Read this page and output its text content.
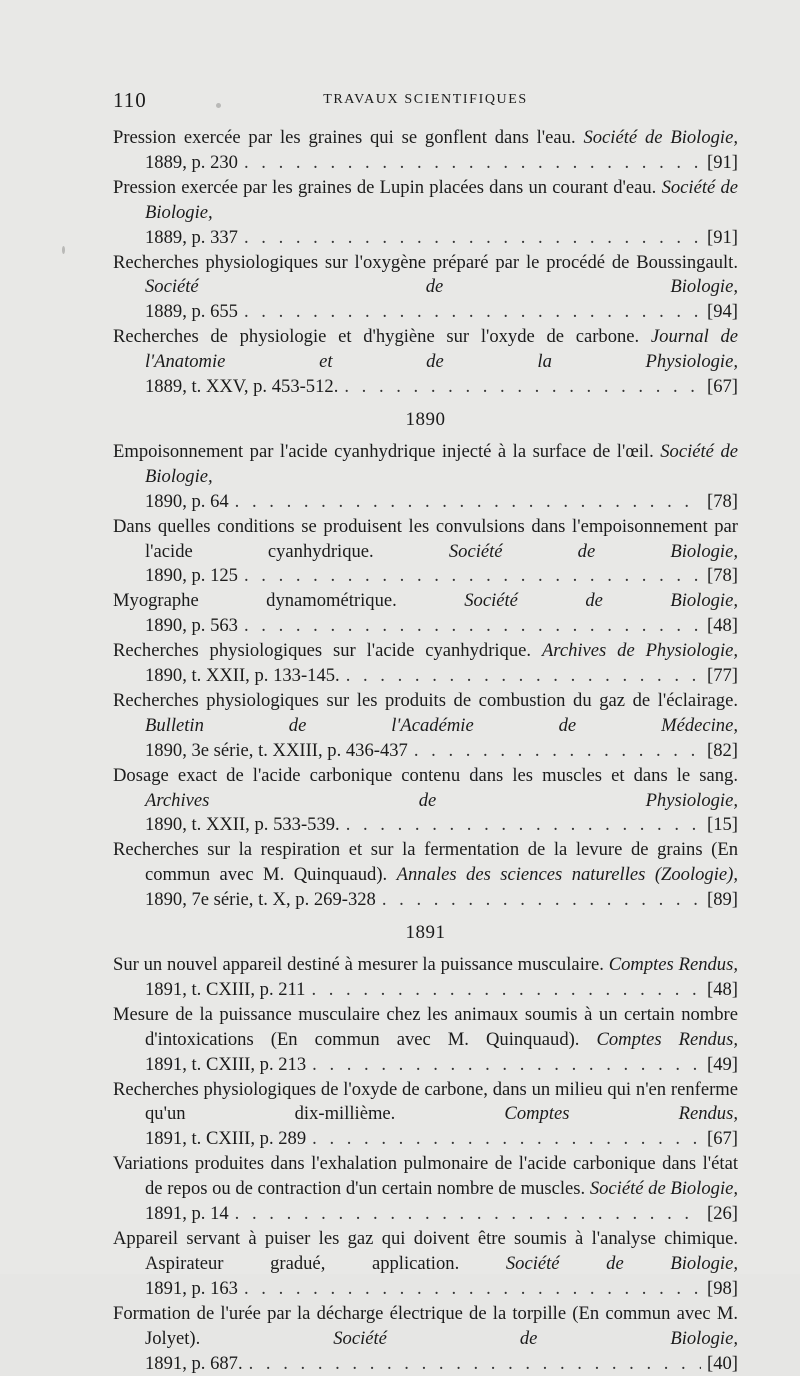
110	TRAVAUX SCIENTIFIQUES

Pression exercée par les graines qui se gonflent dans l'eau. Société de Biologie,
1889, p. 230 . . .	[91]

Pression exercée par les graines de Lupin placées dans un courant d'eau. Société de Biologie,
1889, p. 337 . . .	[91]

Recherches physiologiques sur l'oxygène préparé par le procédé de Boussingault. Société de Biologie,
1889, p. 655 . . .	[94]

Recherches de physiologie et d'hygiène sur l'oxyde de carbone. Journal de l'Anatomie et de la Physiologie,
1889, t. XXV, p. 453-512. . . .	[67]

1890

Empoisonnement par l'acide cyanhydrique injecté à la surface de l'œil. Société de Biologie,
1890, p. 64 . . .	[78]

Dans quelles conditions se produisent les convulsions dans l'empoisonnement par l'acide cyanhydrique.	Société de Biologie,
1890, p. 125 . . .	[78]

Myographe dynamométrique.	Société de Biologie,
1890, p. 563 . . .	[48]

Recherches physiologiques sur l'acide cyanhydrique. Archives de Physiologie,
1890, t. XXII, p. 133-145. . . .	[77]

Recherches physiologiques sur les produits de combustion du gaz de l'éclairage. Bulletin de l'Académie de Médecine,
1890, 3e série, t. XXIII, p. 436-437 . . .	[82]

Dosage exact de l'acide carbonique contenu dans les muscles et dans le sang. Archives de Physiologie,
1890, t. XXII, p. 533-539. . . .	[15]

Recherches sur la respiration et sur la fermentation de la levure de grains (En commun avec M. Quinquaud). Annales des sciences naturelles (Zoologie),
1890, 7e série, t. X, p. 269-328 . . .	[89]

1891

Sur un nouvel appareil destiné à mesurer la puissance musculaire. Comptes Rendus,
1891, t. CXIII, p. 211 . . .	[48]

Mesure de la puissance musculaire chez les animaux soumis à un certain nombre d'intoxications (En commun avec M. Quinquaud). Comptes Rendus,
1891, t. CXIII, p. 213 . . .	[49]

Recherches physiologiques de l'oxyde de carbone, dans un milieu qui n'en renferme qu'un dix-millième.	Comptes Rendus,
1891, t. CXIII, p. 289 . . .	[67]

Variations produites dans l'exhalation pulmonaire de l'acide carbonique dans l'état de repos ou de contraction d'un certain nombre de muscles. Société de Biologie,
1891, p. 14 . . .	[26]

Appareil servant à puiser les gaz qui doivent être soumis à l'analyse chimique. Aspirateur gradué, application.	Société de Biologie,
1891, p. 163 . . .	[98]

Formation de l'urée par la décharge électrique de la torpille (En commun avec M. Jolyet).	Société de Biologie,
1891, p. 687. . . .	[40]
